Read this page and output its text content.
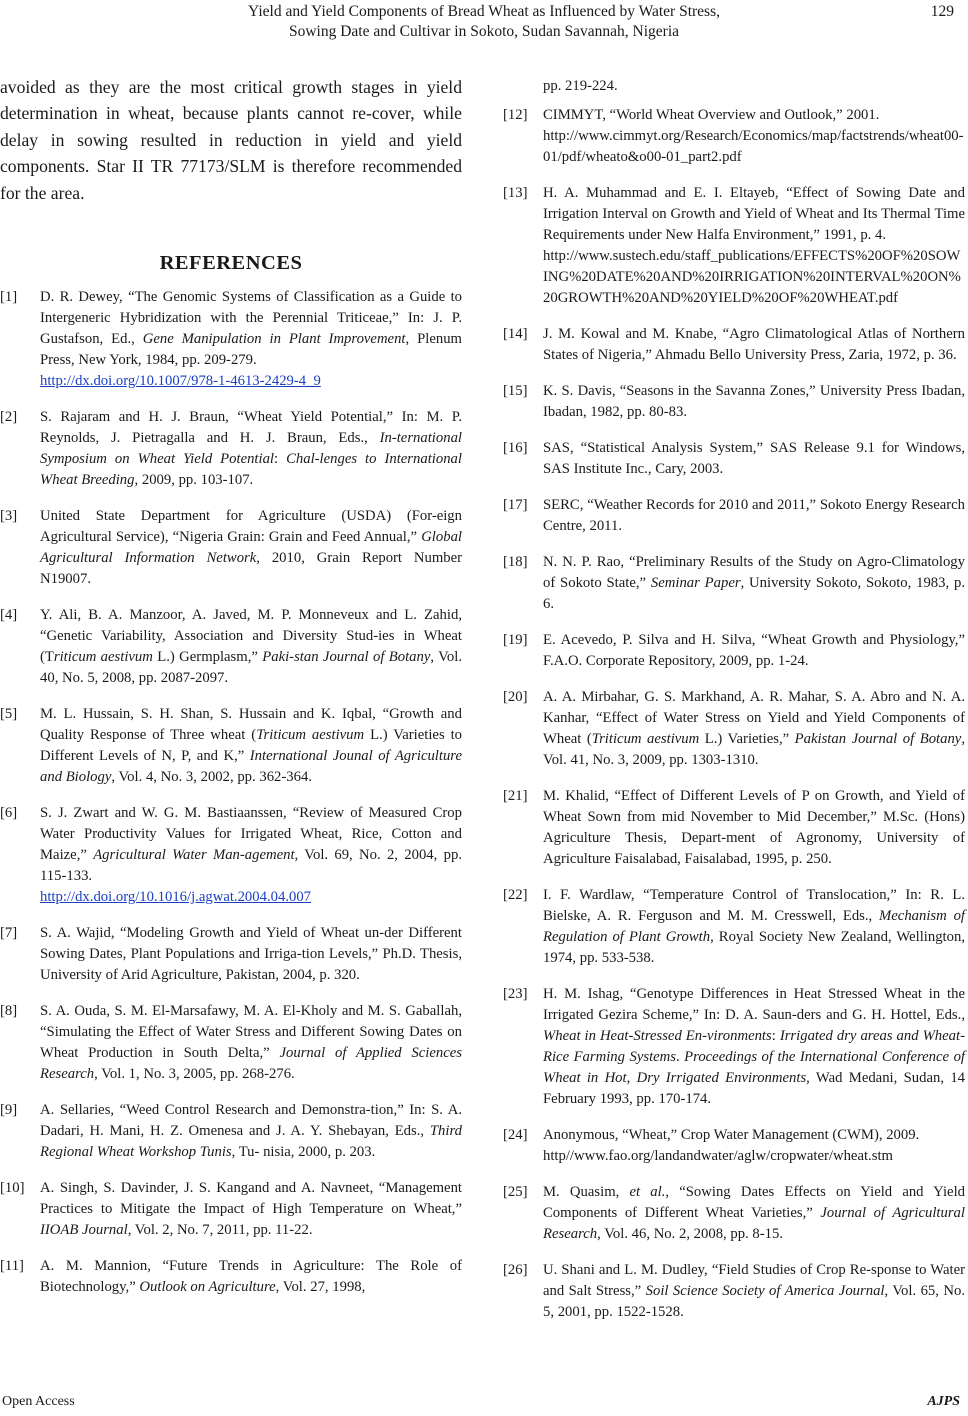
Yield and Yield Components of Bread Wheat as Influenced by Water Stress,

Sowing Date and Cultivar in Sokoto, Sudan Savannah, Nigeria

129

avoided as they are the most critical growth stages in yield determination in wheat, because plants cannot re-cover, while delay in sowing resulted in reduction in yield and yield components. Star II TR 77173/SLM is therefore recommended for the area.

REFERENCES
[1]	D. R. Dewey, “The Genomic Systems of Classification as a Guide to Intergeneric Hybridization with the Perennial Triticeae,” In: J. P. Gustafson, Ed., Gene Manipulation in Plant Improvement, Plenum Press, New York, 1984, pp. 209-279.
http://dx.doi.org/10.1007/978-1-4613-2429-4_9
[2]	S. Rajaram and H. J. Braun, “Wheat Yield Potential,” In: M. P. Reynolds, J. Pietragalla and H. J. Braun, Eds., In-ternational Symposium on Wheat Yield Potential: Chal-lenges to International Wheat Breeding, 2009, pp. 103-107.
[3]	United State Department for Agriculture (USDA) (For-eign Agricultural Service), “Nigeria Grain: Grain and Feed Annual,” Global Agricultural Information Network, 2010, Grain Report Number N19007.
[4]	Y. Ali, B. A. Manzoor, A. Javed, M. P. Monneveux and L. Zahid, “Genetic Variability, Association and Diversity Stud-ies in Wheat (Triticum aestivum L.) Germplasm,” Paki-stan Journal of Botany, Vol. 40, No. 5, 2008, pp. 2087-2097.
[5]	M. L. Hussain, S. H. Shan, S. Hussain and K. Iqbal, “Growth and Quality Response of Three wheat (Triticum aestivum L.) Varieties to Different Levels of N, P, and K,” International Jounal of Agriculture and Biology, Vol. 4, No. 3, 2002, pp. 362-364.
[6]	S. J. Zwart and W. G. M. Bastiaanssen, “Review of Measured Crop Water Productivity Values for Irrigated Wheat, Rice, Cotton and Maize,” Agricultural Water Man-agement, Vol. 69, No. 2, 2004, pp. 115-133.
http://dx.doi.org/10.1016/j.agwat.2004.04.007
[7]	S. A. Wajid, “Modeling Growth and Yield of Wheat un-der Different Sowing Dates, Plant Populations and Irriga-tion Levels,” Ph.D. Thesis, University of Arid Agriculture, Pakistan, 2004, p. 320.
[8]	S. A. Ouda, S. M. El-Marsafawy, M. A. El-Kholy and M. S. Gaballah, “Simulating the Effect of Water Stress and Different Sowing Dates on Wheat Production in South Delta,” Journal of Applied Sciences Research, Vol. 1, No. 3, 2005, pp. 268-276.
[9]	A. Sellaries, “Weed Control Research and Demonstra-tion,” In: S. A. Dadari, H. Mani, H. Z. Omenesa and J. A. Y. Shebayan, Eds., Third Regional Wheat Workshop Tunis, Tu- nisia, 2000, p. 203.
[10]	A. Singh, S. Davinder, J. S. Kangand and A. Navneet, “Management Practices to Mitigate the Impact of High Temperature on Wheat,” IIOAB Journal, Vol. 2, No. 7, 2011, pp. 11-22.
[11]	A. M. Mannion, “Future Trends in Agriculture: The Role of Biotechnology,” Outlook on Agriculture, Vol. 27, 1998,

pp. 219-224.

[12]	CIMMYT, “World Wheat Overview and Outlook,” 2001.
http://www.cimmyt.org/Research/Economics/map/factstrends/wheat00-01/pdf/wheato&o00-01_part2.pdf
[13]	H. A. Muhammad and E. I. Eltayeb, “Effect of Sowing Date and Irrigation Interval on Growth and Yield of Wheat and Its Thermal Time Requirements under New Halfa Environment,” 1991, p. 4.
http://www.sustech.edu/staff_publications/EFFECTS%20OF%20SOWING%20DATE%20AND%20IRRIGATION%20INTERVAL%20ON%20GROWTH%20AND%20YIELD%20OF%20WHEAT.pdf
[14]	J. M. Kowal and M. Knabe, “Agro Climatological Atlas of Northern States of Nigeria,” Ahmadu Bello University Press, Zaria, 1972, p. 36.
[15]	K. S. Davis, “Seasons in the Savanna Zones,” University Press Ibadan, Ibadan, 1982, pp. 80-83.
[16]	SAS, “Statistical Analysis System,” SAS Release 9.1 for Windows, SAS Institute Inc., Cary, 2003.
[17]	SERC, “Weather Records for 2010 and 2011,” Sokoto Energy Research Centre, 2011.
[18]	N. N. P. Rao, “Preliminary Results of the Study on Agro-Climatology of Sokoto State,” Seminar Paper, University Sokoto, Sokoto, 1983, p. 6.
[19]	E. Acevedo, P. Silva and H. Silva, “Wheat Growth and Physiology,” F.A.O. Corporate Repository, 2009, pp. 1-24.
[20]	A. A. Mirbahar, G. S. Markhand, A. R. Mahar, S. A. Abro and N. A. Kanhar, “Effect of Water Stress on Yield and Yield Components of Wheat (Triticum aestivum L.) Varieties,” Pakistan Journal of Botany, Vol. 41, No. 3, 2009, pp. 1303-1310.
[21]	M. Khalid, “Effect of Different Levels of P on Growth, and Yield of Wheat Sown from mid November to Mid December,” M.Sc. (Hons) Agriculture Thesis, Depart-ment of Agronomy, University of Agriculture Faisalabad, Faisalabad, 1995, p. 250.
[22]	I. F. Wardlaw, “Temperature Control of Translocation,” In: R. L. Bielske, A. R. Ferguson and M. M. Cresswell, Eds., Mechanism of Regulation of Plant Growth, Royal Society New Zealand, Wellington, 1974, pp. 533-538.
[23]	H. M. Ishag, “Genotype Differences in Heat Stressed Wheat in the Irrigated Gezira Scheme,” In: D. A. Saun-ders and G. H. Hottel, Eds., Wheat in Heat-Stressed En-vironments: Irrigated dry areas and Wheat-Rice Farming Systems. Proceedings of the International Conference of Wheat in Hot, Dry Irrigated Environments, Wad Medani, Sudan, 14 February 1993, pp. 170-174.
[24]	Anonymous, “Wheat,” Crop Water Management (CWM), 2009.
http//www.fao.org/landandwater/aglw/cropwater/wheat.stm
[25]	M. Quasim, et al., “Sowing Dates Effects on Yield and Yield Components of Different Wheat Varieties,” Journal of Agricultural Research, Vol. 46, No. 2, 2008, pp. 8-15.
[26]	U. Shani and L. M. Dudley, “Field Studies of Crop Re-sponse to Water and Salt Stress,” Soil Science Society of America Journal, Vol. 65, No. 5, 2001, pp. 1522-1528.
Open Access	AJPS
